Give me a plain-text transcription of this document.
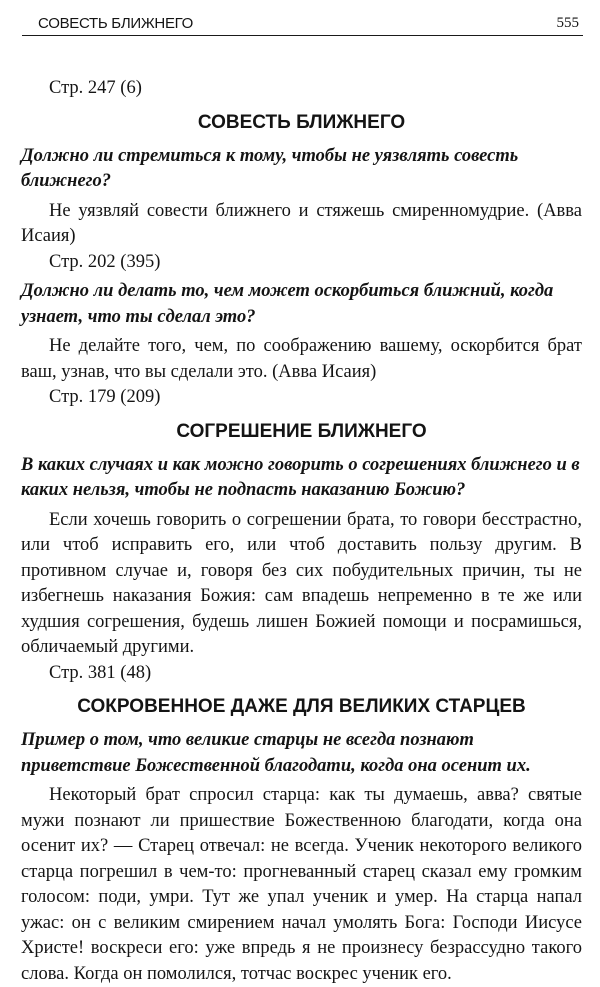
СОВЕСТЬ БЛИЖНЕГО	555

Стр. 247 (6)

СОВЕСТЬ БЛИЖНЕГО

Должно ли стремиться к тому, чтобы не уязвлять совесть ближнего?

Не уязвляй совести ближнего и стяжешь смиренномудрие. (Авва Исаия)

Стр. 202 (395)

Должно ли делать то, чем может оскорбиться ближний, когда узнает, что ты сделал это?

Не делайте того, чем, по соображению вашему, оскорбится брат ваш, узнав, что вы сделали это. (Авва Исаия)

Стр. 179 (209)

СОГРЕШЕНИЕ БЛИЖНЕГО

В каких случаях и как можно говорить о согрешениях ближнего и в каких нельзя, чтобы не подпасть наказанию Божию?

Если хочешь говорить о согрешении брата, то говори бесстрастно, или чтоб исправить его, или чтоб доставить пользу другим. В противном случае и, говоря без сих побудительных причин, ты не избегнешь наказания Божия: сам впадешь непременно в те же или худшия согрешения, будешь лишен Божией помощи и посрамишься, обличаемый другими.

Стр. 381 (48)

СОКРОВЕННОЕ ДАЖЕ ДЛЯ ВЕЛИКИХ СТАРЦЕВ

Пример о том, что великие старцы не всегда познают приветствие Божественной благодати, когда она осенит их.

Некоторый брат спросил старца: как ты думаешь, авва? святые мужи познают ли пришествие Божественною благодати, когда она осенит их? — Старец отвечал: не всегда. Ученик некоторого великого старца погрешил в чем-то: прогневанный старец сказал ему громким голосом: поди, умри. Тут же упал ученик и умер. На старца напал ужас: он с великим смирением начал умолять Бога: Господи Иисусе Христе! воскреси его: уже впредь я не произнесу безрассудно такого слова. Когда он помолился, тотчас воскрес ученик его.
